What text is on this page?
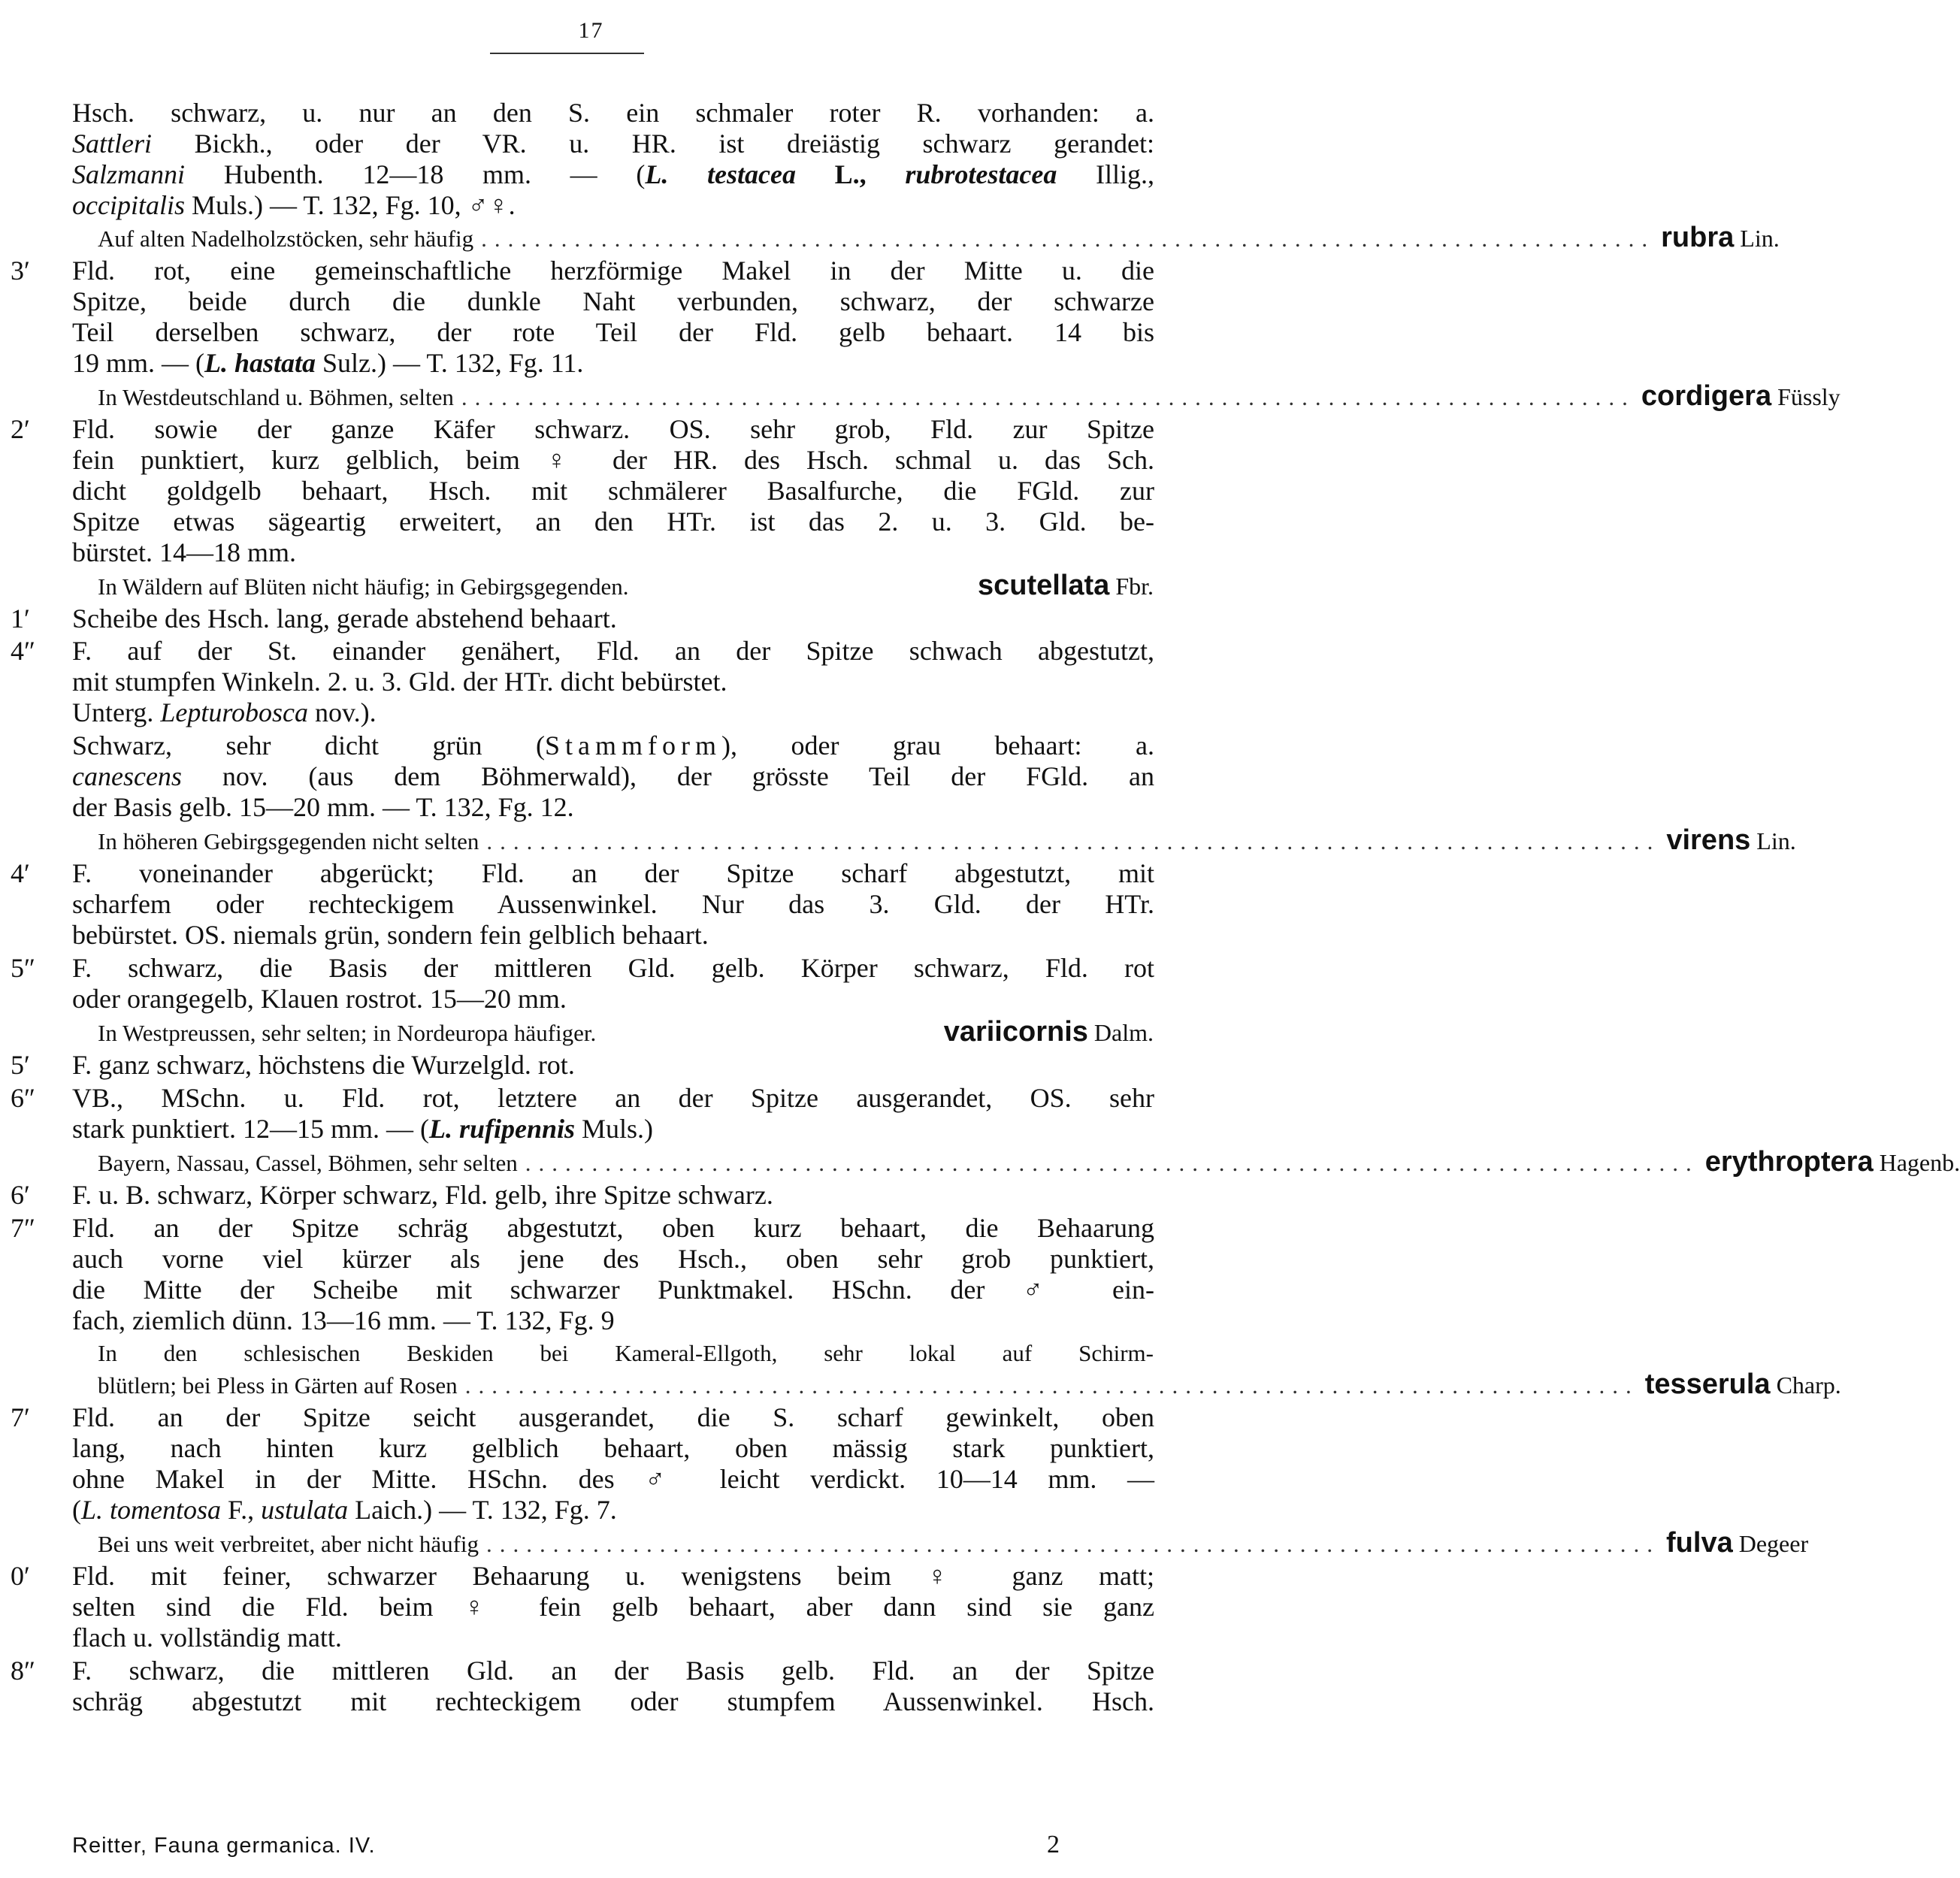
17
Hsch. schwarz, u. nur an den S. ein schmaler roter R. vorhanden: a.
Sattleri Bickh., oder der VR. u. HR. ist dreiästig schwarz gerandet:
Salzmanni Hubenth. 12—18 mm. — (L. testacea L., rubrotestacea Illig.,
occipitalis Muls.) — T. 132, Fg. 10, ♂♀.
Auf alten Nadelholzstöcken, sehr häufig ........................................................................................ rubra Lin.
3′	Fld. rot, eine gemeinschaftliche herzförmige Makel in der Mitte u. die
Spitze, beide durch die dunkle Naht verbunden, schwarz, der schwarze
Teil derselben schwarz, der rote Teil der Fld. gelb behaart. 14 bis
19 mm. — (L. hastata Sulz.) — T. 132, Fg. 11.
In Westdeutschland u. Böhmen, selten ........................................................................................ cordigera Füssly
2′	Fld. sowie der ganze Käfer schwarz. OS. sehr grob, Fld. zur Spitze
fein punktiert, kurz gelblich, beim ♀ der HR. des Hsch. schmal u. das Sch.
dicht goldgelb behaart, Hsch. mit schmälerer Basalfurche, die FGld. zur
Spitze etwas sägeartig erweitert, an den HTr. ist das 2. u. 3. Gld. be-
bürstet. 14—18 mm.
In Wäldern auf Blüten nicht häufig; in Gebirgsgegenden.	scutellata Fbr.
1′	Scheibe des Hsch. lang, gerade abstehend behaart.
4″	F. auf der St. einander genähert, Fld. an der Spitze schwach abgestutzt,
mit stumpfen Winkeln. 2. u. 3. Gld. der HTr. dicht bebürstet.
Unterg. Lepturobosca nov.).
Schwarz, sehr dicht grün (Stammform), oder grau behaart: a.
canescens nov. (aus dem Böhmerwald), der grösste Teil der FGld. an
der Basis gelb. 15—20 mm. — T. 132, Fg. 12.
In höheren Gebirgsgegenden nicht selten ........................................................................................ virens Lin.
4′	F. voneinander abgerückt; Fld. an der Spitze scharf abgestutzt, mit
scharfem oder rechteckigem Aussenwinkel. Nur das 3. Gld. der HTr.
bebürstet. OS. niemals grün, sondern fein gelblich behaart.
5″	F. schwarz, die Basis der mittleren Gld. gelb. Körper schwarz, Fld. rot
oder orangegelb, Klauen rostrot. 15—20 mm.
In Westpreussen, sehr selten; in Nordeuropa häufiger.	variicornis Dalm.
5′	F. ganz schwarz, höchstens die Wurzelgld. rot.
6″	VB., MSchn. u. Fld. rot, letztere an der Spitze ausgerandet, OS. sehr
stark punktiert. 12—15 mm. — (L. rufipennis Muls.)
Bayern, Nassau, Cassel, Böhmen, sehr selten ........................................................................................ erythroptera Hagenb.
6′	F. u. B. schwarz, Körper schwarz, Fld. gelb, ihre Spitze schwarz.
7″	Fld. an der Spitze schräg abgestutzt, oben kurz behaart, die Behaarung
auch vorne viel kürzer als jene des Hsch., oben sehr grob punktiert,
die Mitte der Scheibe mit schwarzer Punktmakel. HSchn. der ♂ ein-
fach, ziemlich dünn. 13—16 mm. — T. 132, Fg. 9
In den schlesischen Beskiden bei Kameral-Ellgoth, sehr lokal auf Schirm-
blütlern; bei Pless in Gärten auf Rosen ........................................................................................ tesserula Charp.
7′	Fld. an der Spitze seicht ausgerandet, die S. scharf gewinkelt, oben
lang, nach hinten kurz gelblich behaart, oben mässig stark punktiert,
ohne Makel in der Mitte. HSchn. des ♂ leicht verdickt. 10—14 mm. —
(L. tomentosa F., ustulata Laich.) — T. 132, Fg. 7.
Bei uns weit verbreitet, aber nicht häufig ........................................................................................ fulva Degeer
0′	Fld. mit feiner, schwarzer Behaarung u. wenigstens beim ♀ ganz matt;
selten sind die Fld. beim ♀ fein gelb behaart, aber dann sind sie ganz
flach u. vollständig matt.
8″	F. schwarz, die mittleren Gld. an der Basis gelb. Fld. an der Spitze
schräg abgestutzt mit rechteckigem oder stumpfem Aussenwinkel. Hsch.
Reitter, Fauna germanica. IV.	2
